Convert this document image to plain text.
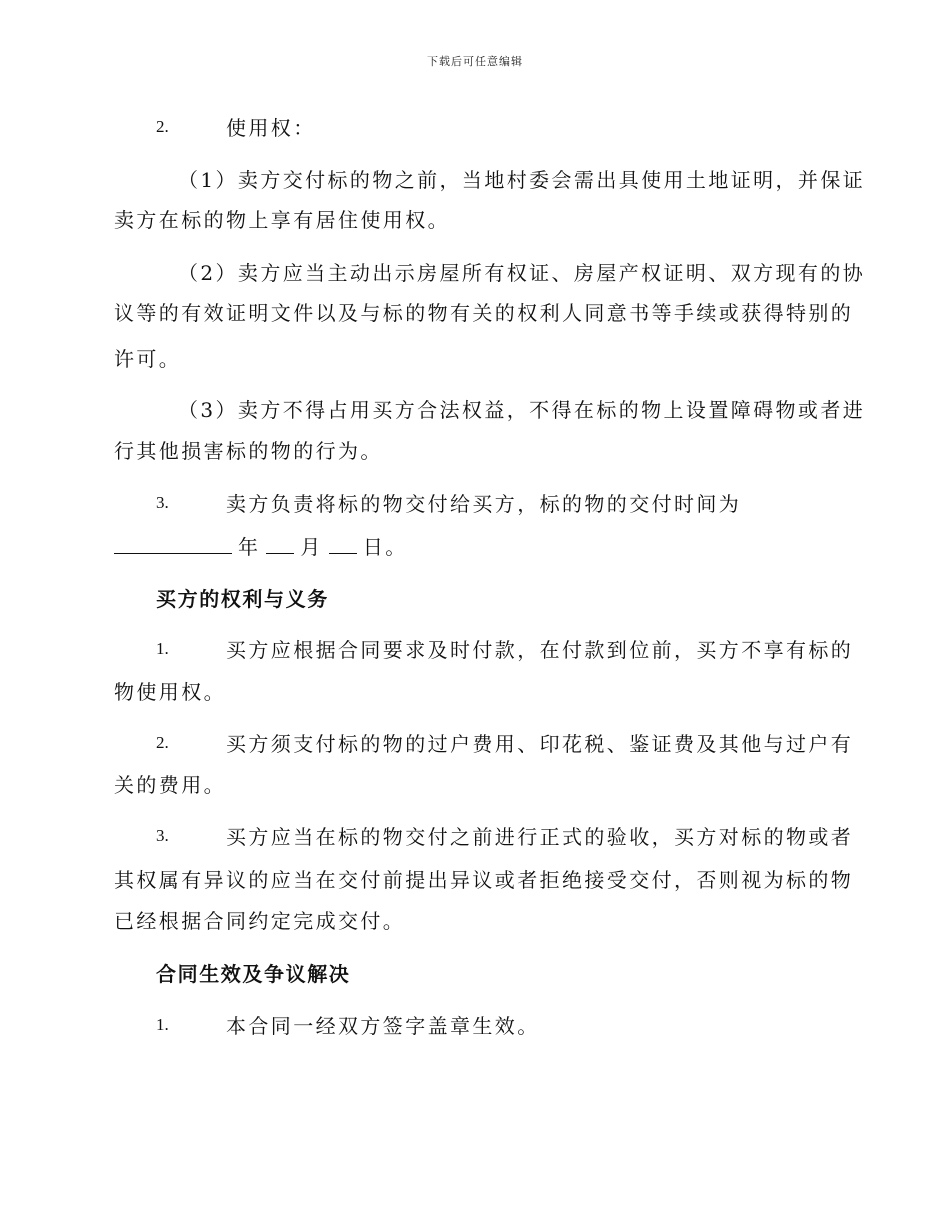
下载后可任意编辑
2.	使用权：
（1）卖方交付标的物之前，当地村委会需出具使用土地证明，并保证
卖方在标的物上享有居住使用权。
（2）卖方应当主动出示房屋所有权证、房屋产权证明、双方现有的协
议等的有效证明文件以及与标的物有关的权利人同意书等手续或获得特别的
许可。
（3）卖方不得占用买方合法权益，不得在标的物上设置障碍物或者进
行其他损害标的物的行为。
3.	卖方负责将标的物交付给买方，标的物的交付时间为
年 月 日。
买方的权利与义务
1.	买方应根据合同要求及时付款，在付款到位前，买方不享有标的
物使用权。
2.	买方须支付标的物的过户费用、印花税、鉴证费及其他与过户有
关的费用。
3.	买方应当在标的物交付之前进行正式的验收，买方对标的物或者
其权属有异议的应当在交付前提出异议或者拒绝接受交付，否则视为标的物
已经根据合同约定完成交付。
合同生效及争议解决
1.	本合同一经双方签字盖章生效。
